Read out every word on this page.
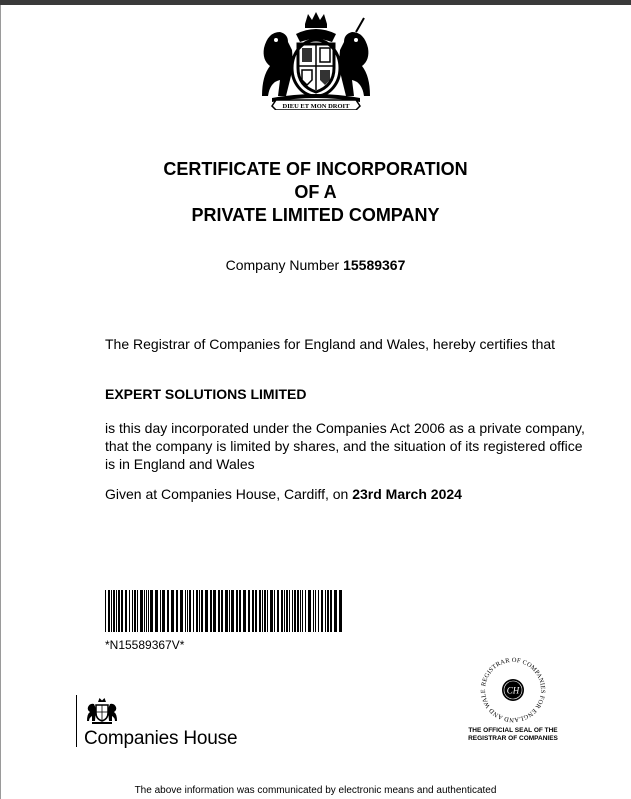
DIEU ET MON DROIT
CERTIFICATE OF INCORPORATION
OF A
PRIVATE LIMITED COMPANY
Company Number 15589367
The Registrar of Companies for England and Wales, hereby certifies that
EXPERT SOLUTIONS LIMITED
is this day incorporated under the Companies Act 2006 as a private company, that the company is limited by shares, and the situation of its registered office is in England and Wales
Given at Companies House, Cardiff, on 23rd March 2024
*N15589367V*
Companies House
REGISTRAR OF COMPANIES FOR ENGLAND AND WALE	CH
THE OFFICIAL SEAL OF THE
REGISTRAR OF COMPANIES
The above information was communicated by electronic means and authenticated
